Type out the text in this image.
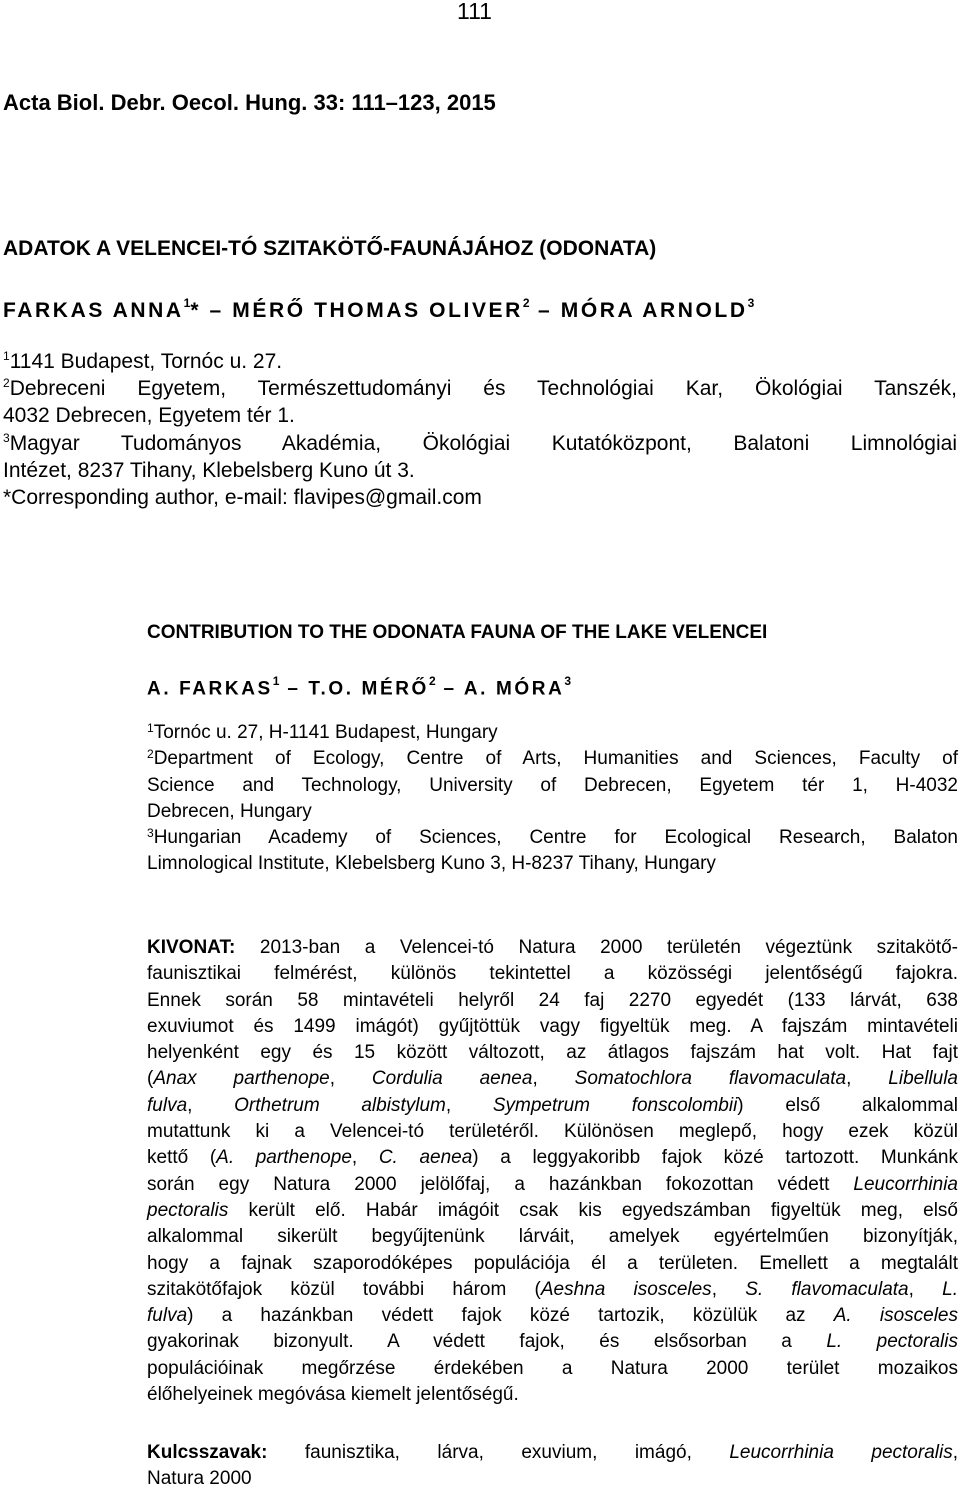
111
Acta Biol. Debr. Oecol. Hung. 33: 111–123, 2015
ADATOK A VELENCEI-TÓ SZITAKÖTŐ-FAUNÁJÁHOZ (ODONATA)
FARKAS ANNA$^1$* – MÉRŐ THOMAS OLIVER$^2$ – MÓRA ARNOLD$^3$
$^1$1141 Budapest, Tornóc u. 27.
$^2$Debreceni Egyetem, Természettudományi és Technológiai Kar, Ökológiai Tanszék,
4032 Debrecen, Egyetem tér 1.
$^3$Magyar Tudományos Akadémia, Ökológiai Kutatóközpont, Balatoni Limnológiai
Intézet, 8237 Tihany, Klebelsberg Kuno út 3.
*Corresponding author, e-mail: flavipes@gmail.com
CONTRIBUTION TO THE ODONATA FAUNA OF THE LAKE VELENCEI
A. FARKAS$^1$ – T.O. MÉRŐ$^2$ – A. MÓRA$^3$
$^1$Tornóc u. 27, H-1141 Budapest, Hungary
$^2$Department of Ecology, Centre of Arts, Humanities and Sciences, Faculty of
Science and Technology, University of Debrecen, Egyetem tér 1, H-4032
Debrecen, Hungary
$^3$Hungarian Academy of Sciences, Centre for Ecological Research, Balaton
Limnological Institute, Klebelsberg Kuno 3, H-8237 Tihany, Hungary
KIVONAT: 2013-ban a Velencei-tó Natura 2000 területén végeztünk szitakötő-
faunisztikai felmérést, különös tekintettel a közösségi jelentőségű fajokra.
Ennek során 58 mintavételi helyről 24 faj 2270 egyedét (133 lárvát, 638
exuviumot és 1499 imágót) gyűjtöttük vagy figyeltük meg. A fajszám mintavételi
helyenként egy és 15 között változott, az átlagos fajszám hat volt. Hat fajt
(Anax parthenope, Cordulia aenea, Somatochlora flavomaculata, Libellula
fulva, Orthetrum albistylum, Sympetrum fonscolombii) első alkalommal
mutattunk ki a Velencei-tó területéről. Különösen meglepő, hogy ezek közül
kettő (A. parthenope, C. aenea) a leggyakoribb fajok közé tartozott. Munkánk
során egy Natura 2000 jelölőfaj, a hazánkban fokozottan védett Leucorrhinia
pectoralis került elő. Habár imágóit csak kis egyedszámban figyeltük meg, első
alkalommal sikerült begyűjtenünk lárváit, amelyek egyértelműen bizonyítják,
hogy a fajnak szaporodóképes populációja él a területen. Emellett a megtalált
szitakötőfajok közül további három (Aeshna isosceles, S. flavomaculata, L.
fulva) a hazánkban védett fajok közé tartozik, közülük az A. isosceles
gyakorinak bizonyult. A védett fajok, és elsősorban a L. pectoralis
populációinak megőrzése érdekében a Natura 2000 terület mozaikos
élőhelyeinek megóvása kiemelt jelentőségű.
Kulcsszavak: faunisztika, lárva, exuvium, imágó, Leucorrhinia pectoralis,
Natura 2000
